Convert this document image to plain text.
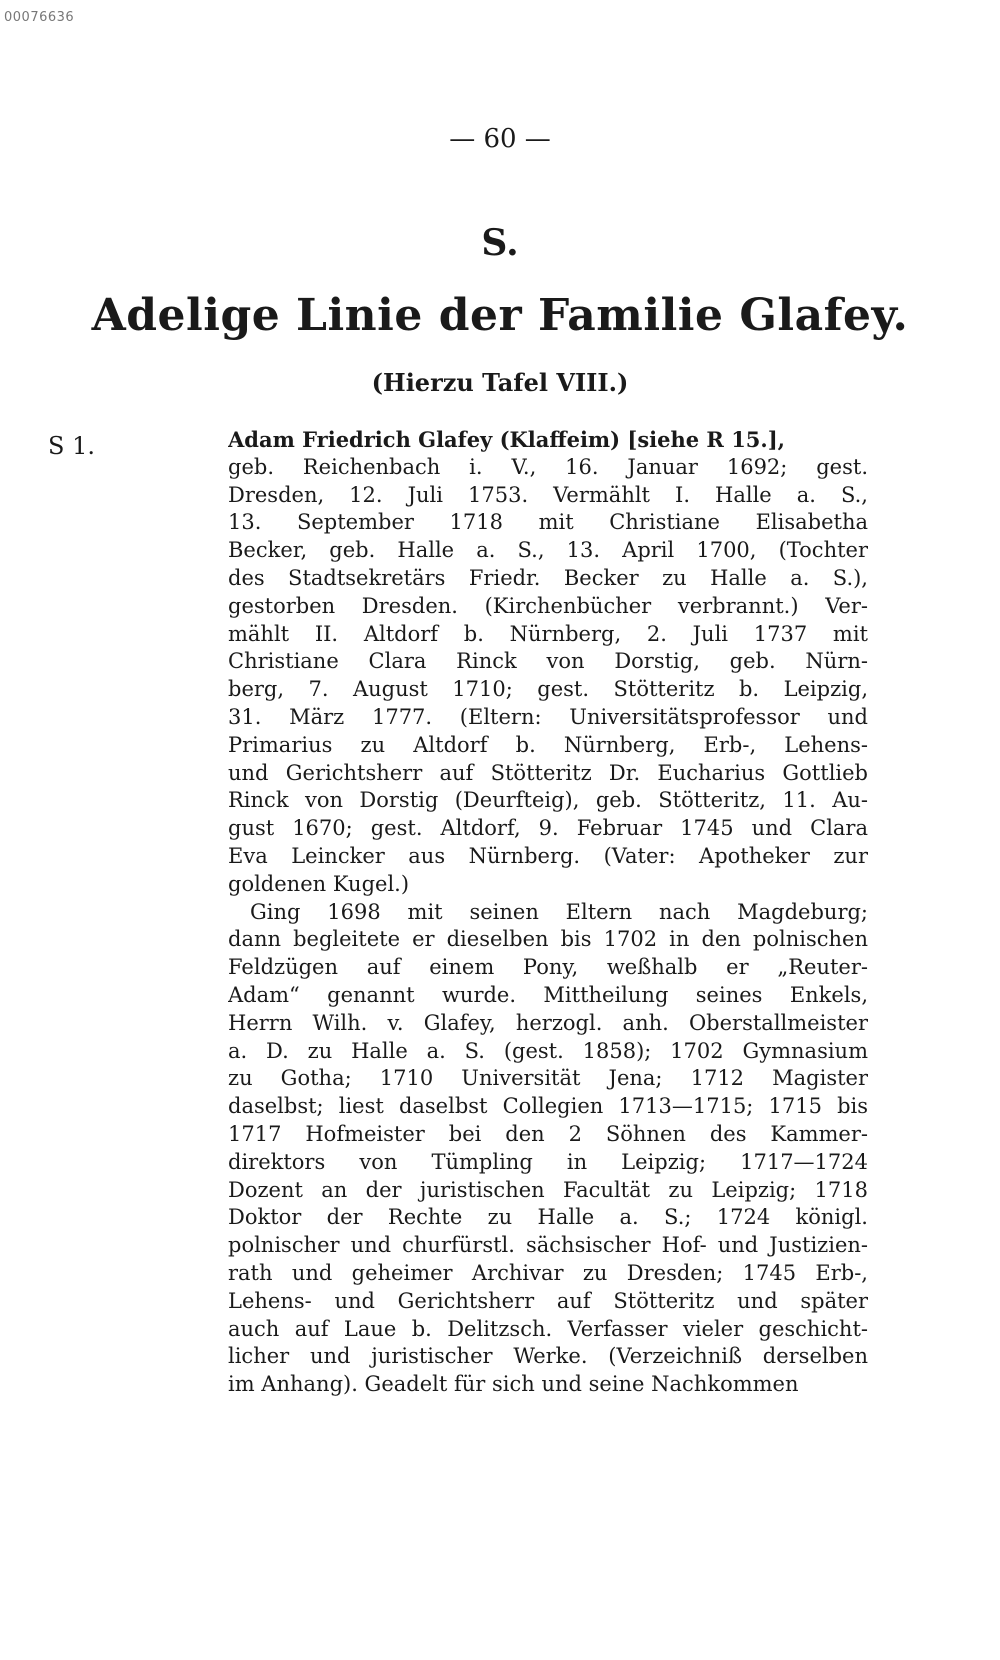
00076636
— 60 —
S.
Adelige Linie der Familie Glafey.
(Hierzu Tafel VIII.)
S 1.	Adam Friedrich Glafey (Klaffeim) [siehe R 15.],
geb. Reichenbach i. V., 16. Januar 1692; gest.
Dresden, 12. Juli 1753. Vermählt I. Halle a. S.,
13. September 1718 mit Christiane Elisabetha
Becker, geb. Halle a. S., 13. April 1700, (Tochter
des Stadtsekretärs Friedr. Becker zu Halle a. S.),
gestorben Dresden. (Kirchenbücher verbrannt.) Ver-
mählt II. Altdorf b. Nürnberg, 2. Juli 1737 mit
Christiane Clara Rinck von Dorstig, geb. Nürn-
berg, 7. August 1710; gest. Stötteritz b. Leipzig,
31. März 1777. (Eltern: Universitätsprofessor und
Primarius zu Altdorf b. Nürnberg, Erb-, Lehens-
und Gerichtsherr auf Stötteritz Dr. Eucharius Gottlieb
Rinck von Dorstig (Deurfteig), geb. Stötteritz, 11. Au-
gust 1670; gest. Altdorf, 9. Februar 1745 und Clara
Eva Leincker aus Nürnberg. (Vater: Apotheker zur
goldenen Kugel.)
Ging 1698 mit seinen Eltern nach Magdeburg;
dann begleitete er dieselben bis 1702 in den polnischen
Feldzügen auf einem Pony, weßhalb er „Reuter-
Adam“ genannt wurde. Mittheilung seines Enkels,
Herrn Wilh. v. Glafey, herzogl. anh. Oberstallmeister
a. D. zu Halle a. S. (gest. 1858); 1702 Gymnasium
zu Gotha; 1710 Universität Jena; 1712 Magister
daselbst; liest daselbst Collegien 1713—1715; 1715 bis
1717 Hofmeister bei den 2 Söhnen des Kammer-
direktors von Tümpling in Leipzig; 1717—1724
Dozent an der juristischen Facultät zu Leipzig; 1718
Doktor der Rechte zu Halle a. S.; 1724 königl.
polnischer und churfürstl. sächsischer Hof- und Justizien-
rath und geheimer Archivar zu Dresden; 1745 Erb-,
Lehens- und Gerichtsherr auf Stötteritz und später
auch auf Laue b. Delitzsch. Verfasser vieler geschicht-
licher und juristischer Werke. (Verzeichniß derselben
im Anhang). Geadelt für sich und seine Nachkommen
